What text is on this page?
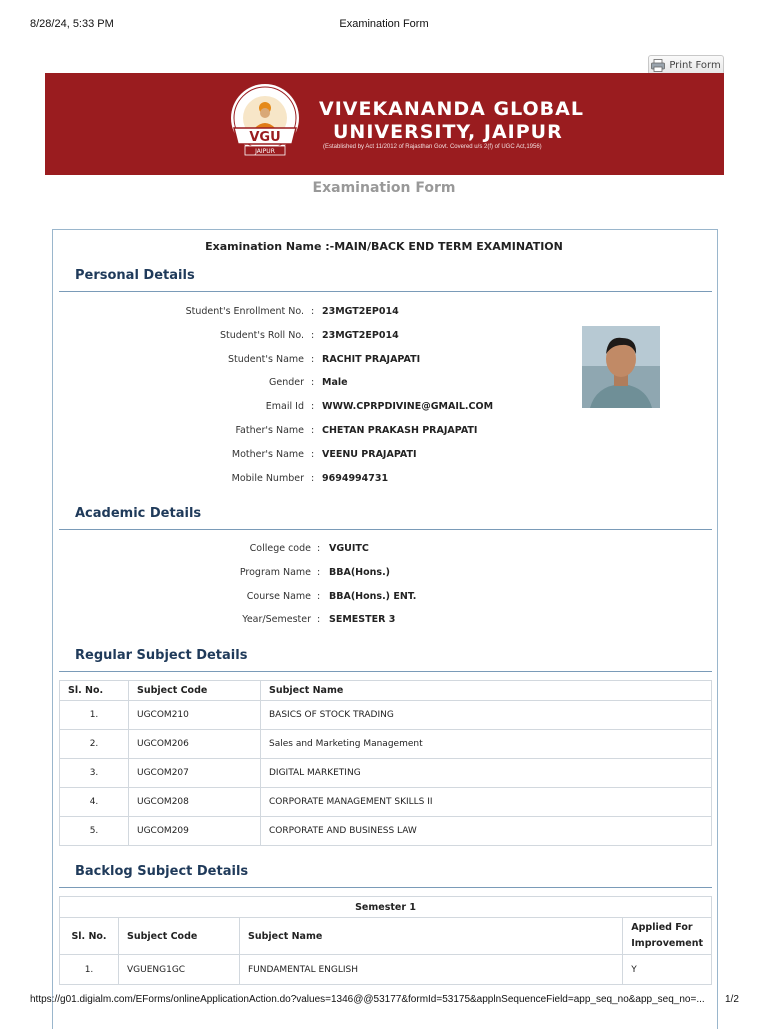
8/28/24, 5:33 PM	Examination Form
Print Form
VGU
JAIPUR
VIVEKANANDA GLOBAL
UNIVERSITY, JAIPUR
(Established by Act 11/2012 of Rajasthan Govt. Covered u/s 2(f) of UGC Act,1956)
Examination Form
Examination Name :-MAIN/BACK END TERM EXAMINATION
Personal Details
Student's Enrollment No. : 23MGT2EP014
Student's Roll No. : 23MGT2EP014
Student's Name : RACHIT PRAJAPATI
Gender : Male
Email Id : WWW.CPRPDIVINE@GMAIL.COM
Father's Name : CHETAN PRAKASH PRAJAPATI
Mother's Name : VEENU PRAJAPATI
Mobile Number : 9694994731
Academic Details
College code : VGUITC
Program Name : BBA(Hons.)
Course Name : BBA(Hons.) ENT.
Year/Semester : SEMESTER 3
Regular Subject Details
Sl. No.	Subject Code	Subject Name
1.	UGCOM210	BASICS OF STOCK TRADING
2.	UGCOM206	Sales and Marketing Management
3.	UGCOM207	DIGITAL MARKETING
4.	UGCOM208	CORPORATE MANAGEMENT SKILLS II
5.	UGCOM209	CORPORATE AND BUSINESS LAW
Backlog Subject Details
Semester 1			
Sl. No.	Subject Code	Subject Name	Applied For Improvement
1.	VGUENG1GC	FUNDAMENTAL ENGLISH	Y
https://g01.digialm.com/EForms/onlineApplicationAction.do?values=1346@@53177&formId=53175&applnSequenceField=app_seq_no&app_seq_no=...	1/2
